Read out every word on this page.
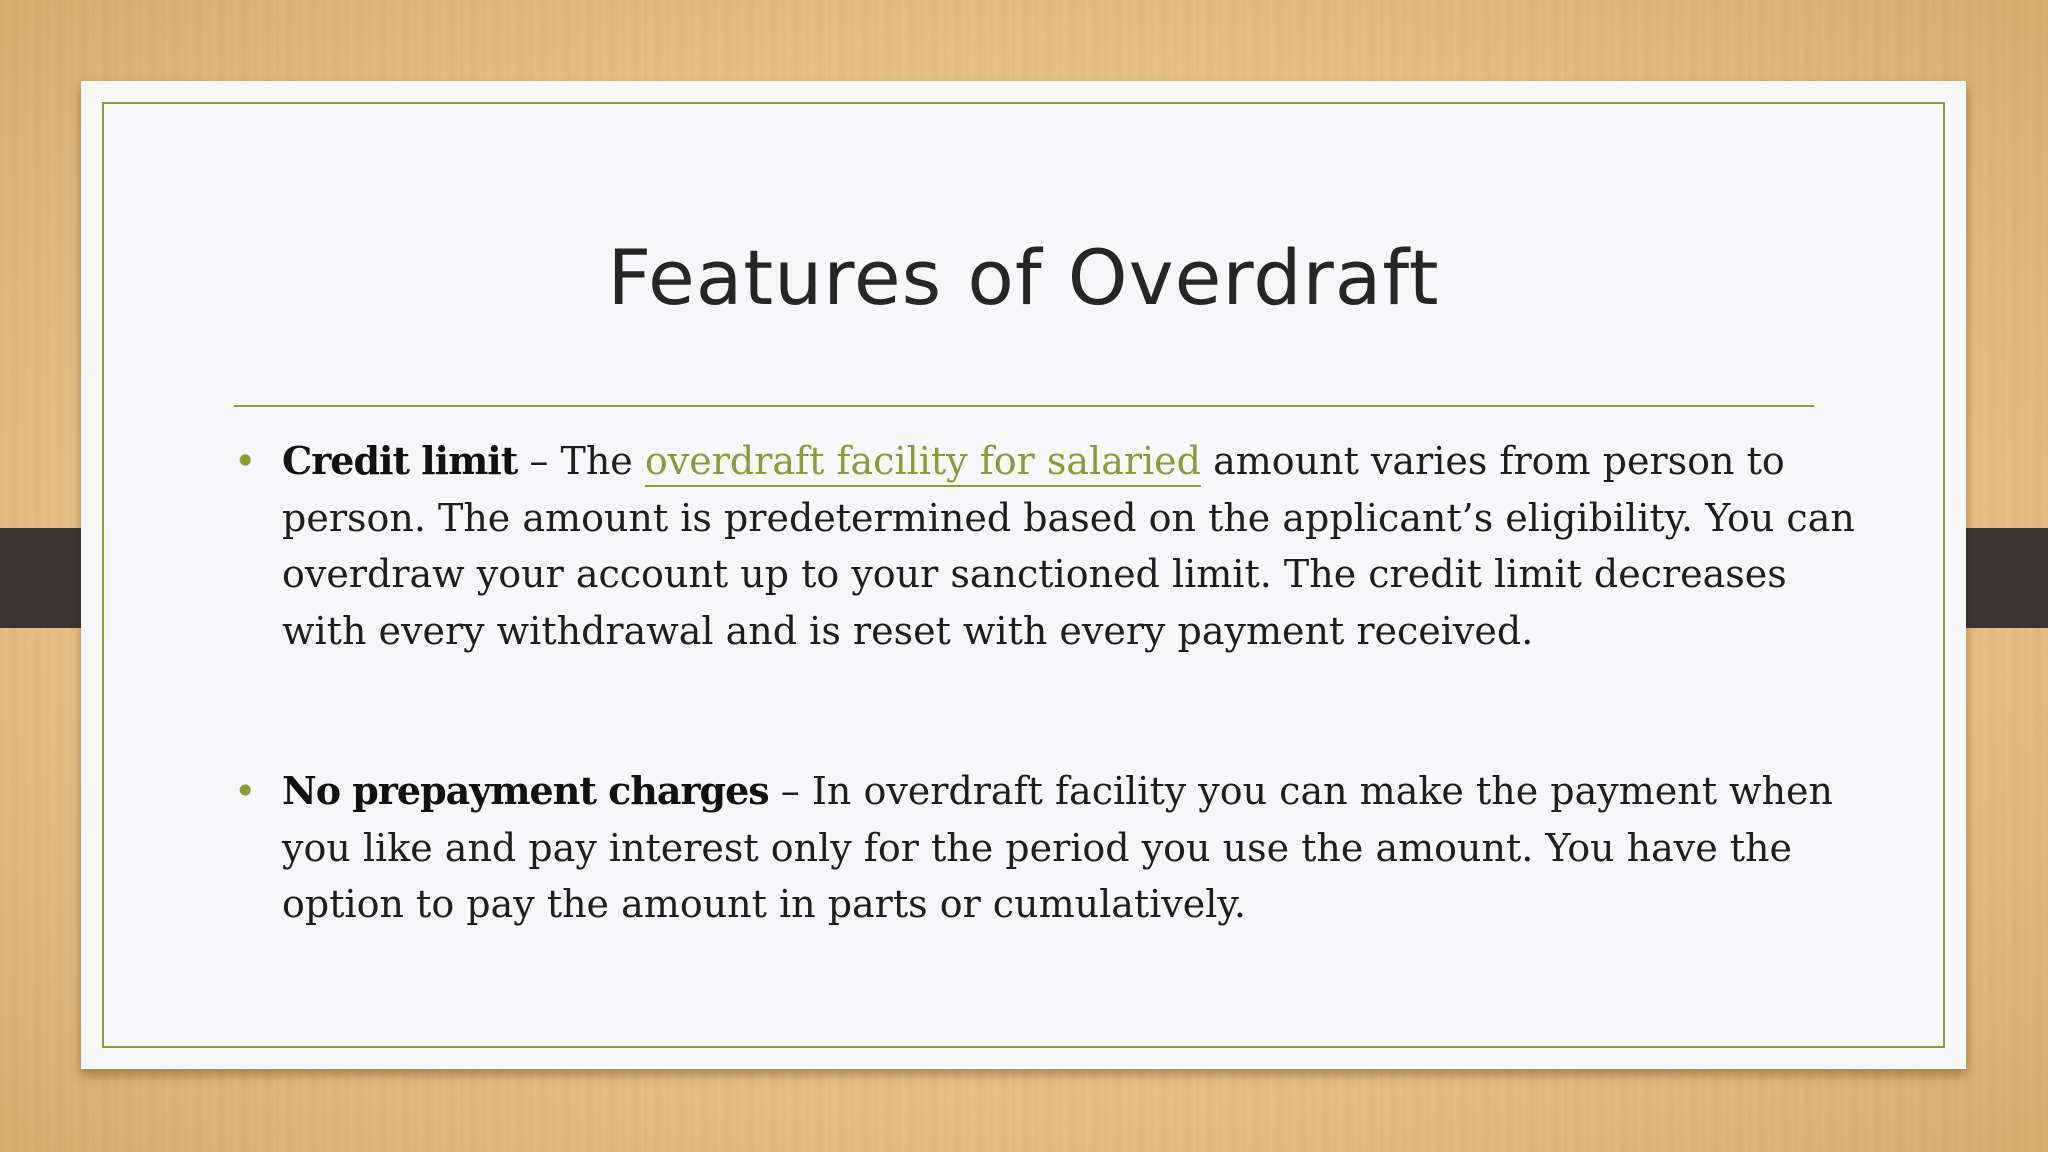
Features of Overdraft
• Credit limit – The overdraft facility for salaried amount varies from person to person. The amount is predetermined based on the applicant’s eligibility. You can overdraw your account up to your sanctioned limit. The credit limit decreases with every withdrawal and is reset with every payment received.
• No prepayment charges – In overdraft facility you can make the payment when you like and pay interest only for the period you use the amount. You have the option to pay the amount in parts or cumulatively.
